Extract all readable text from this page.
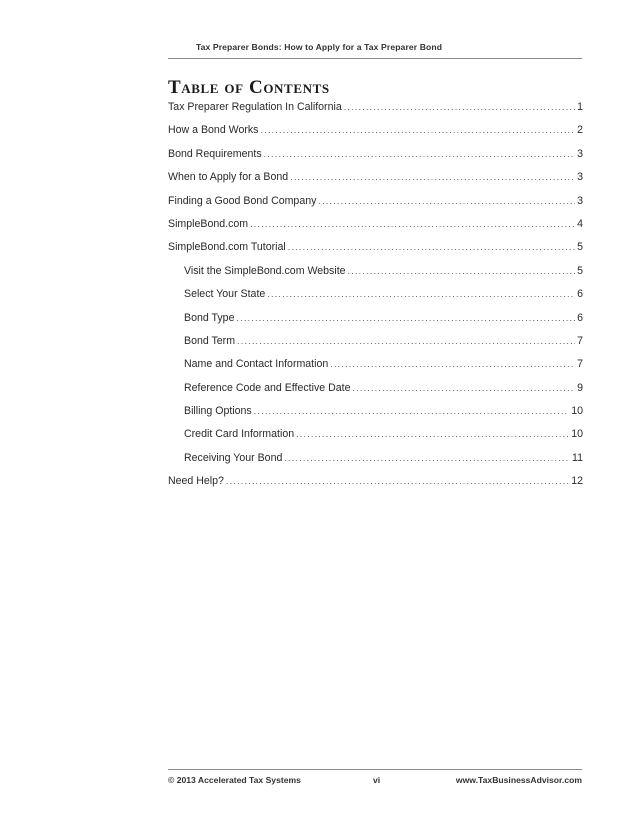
Tax Preparer Bonds: How to Apply for a Tax Preparer Bond
Table of Contents
Tax Preparer Regulation In California .....	1
How a Bond Works .....	2
Bond Requirements .....	3
When to Apply for a Bond .....	3
Finding a Good Bond Company .....	3
SimpleBond.com .....	4
SimpleBond.com Tutorial .....	5
Visit the SimpleBond.com Website .....	5
Select Your State .....	6
Bond Type .....	6
Bond Term .....	7
Name and Contact Information .....	7
Reference Code and Effective Date .....	9
Billing Options .....	10
Credit Card Information .....	10
Receiving Your Bond .....	11
Need Help? .....	12
© 2013 Accelerated Tax Systems	vi	www.TaxBusinessAdvisor.com
